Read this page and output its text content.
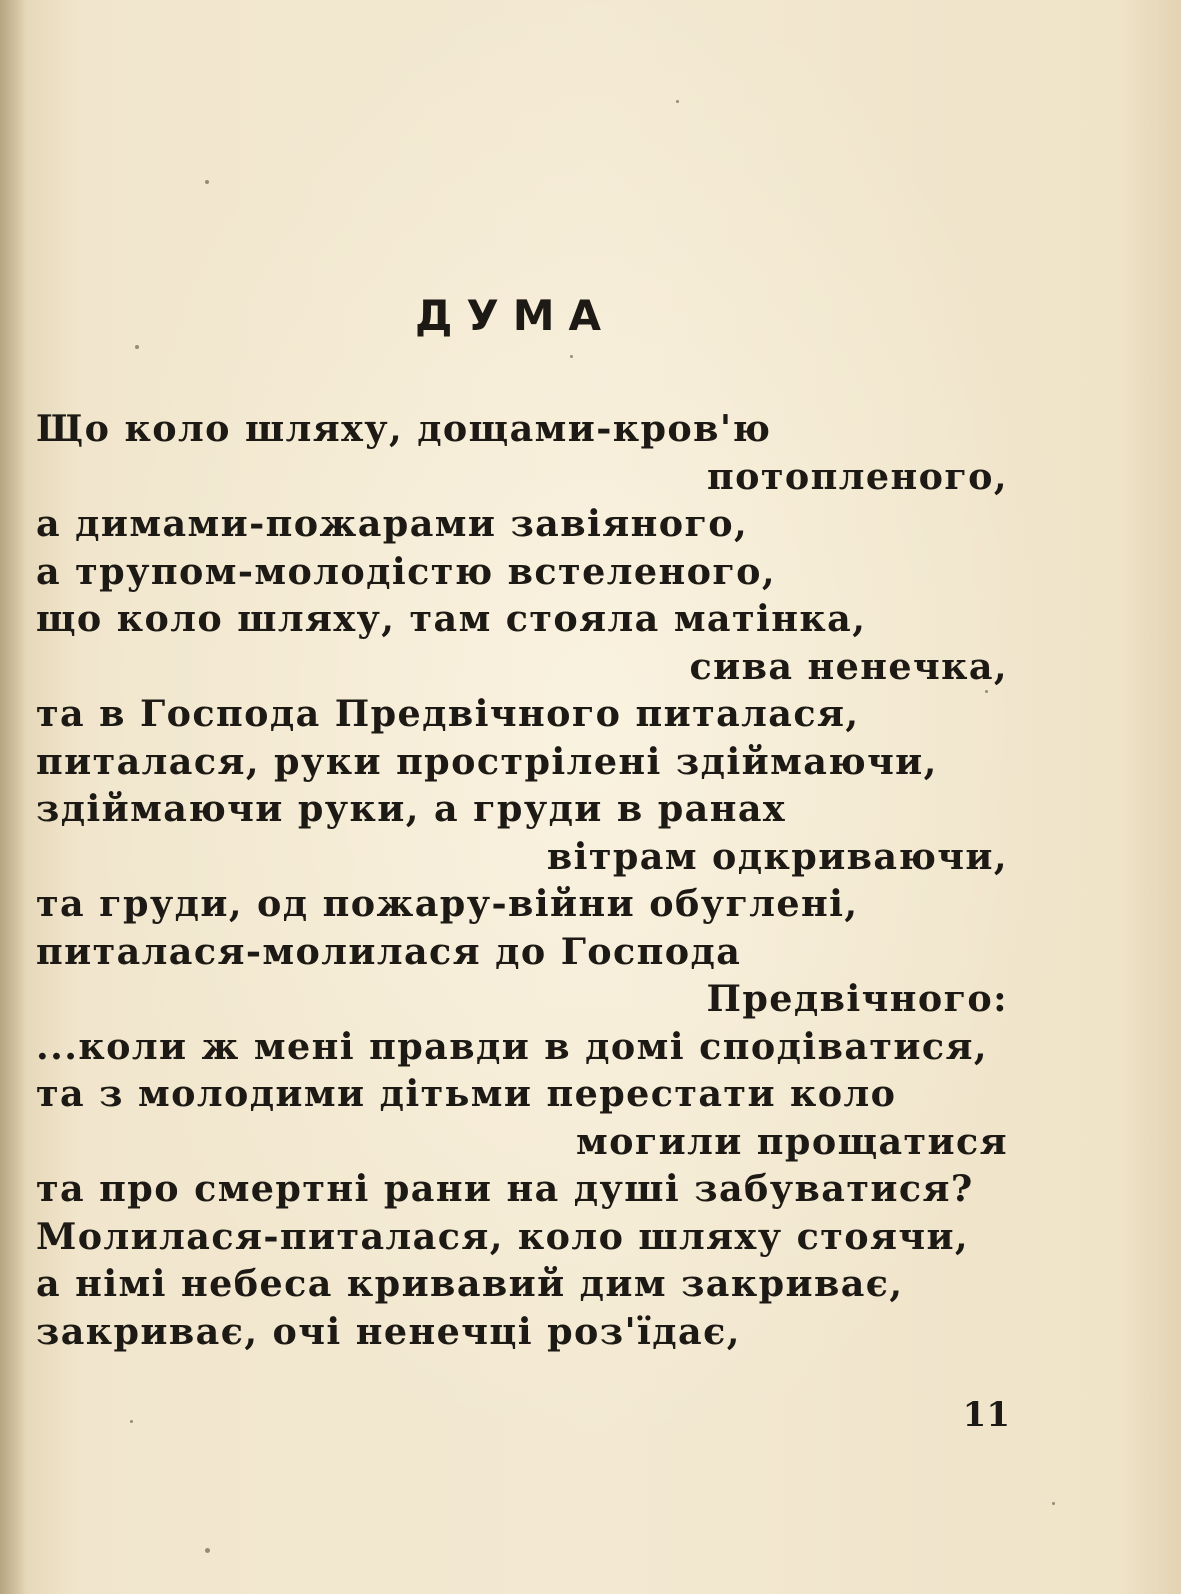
ДУМА
Що коло шляху, дощами-кров'ю
потопленого,
а димами-пожарами завіяного,
а трупом-молодістю встеленого,
що коло шляху, там стояла матінка,
сива ненечка,
та в Господа Предвічного питалася,
питалася, руки прострілені здіймаючи,
здіймаючи руки, а груди в ранах
вітрам одкриваючи,
та груди, од пожару-війни обуглені,
питалася-молилася до Господа
Предвічного:
...коли ж мені правди в домі сподіватися,
та з молодими дітьми перестати коло
могили прощатися
та про смертні рани на душі забуватися?
Молилася-питалася, коло шляху стоячи,
а німі небеса кривавий дим закриває,
закриває, очі ненечці роз'їдає,
11
